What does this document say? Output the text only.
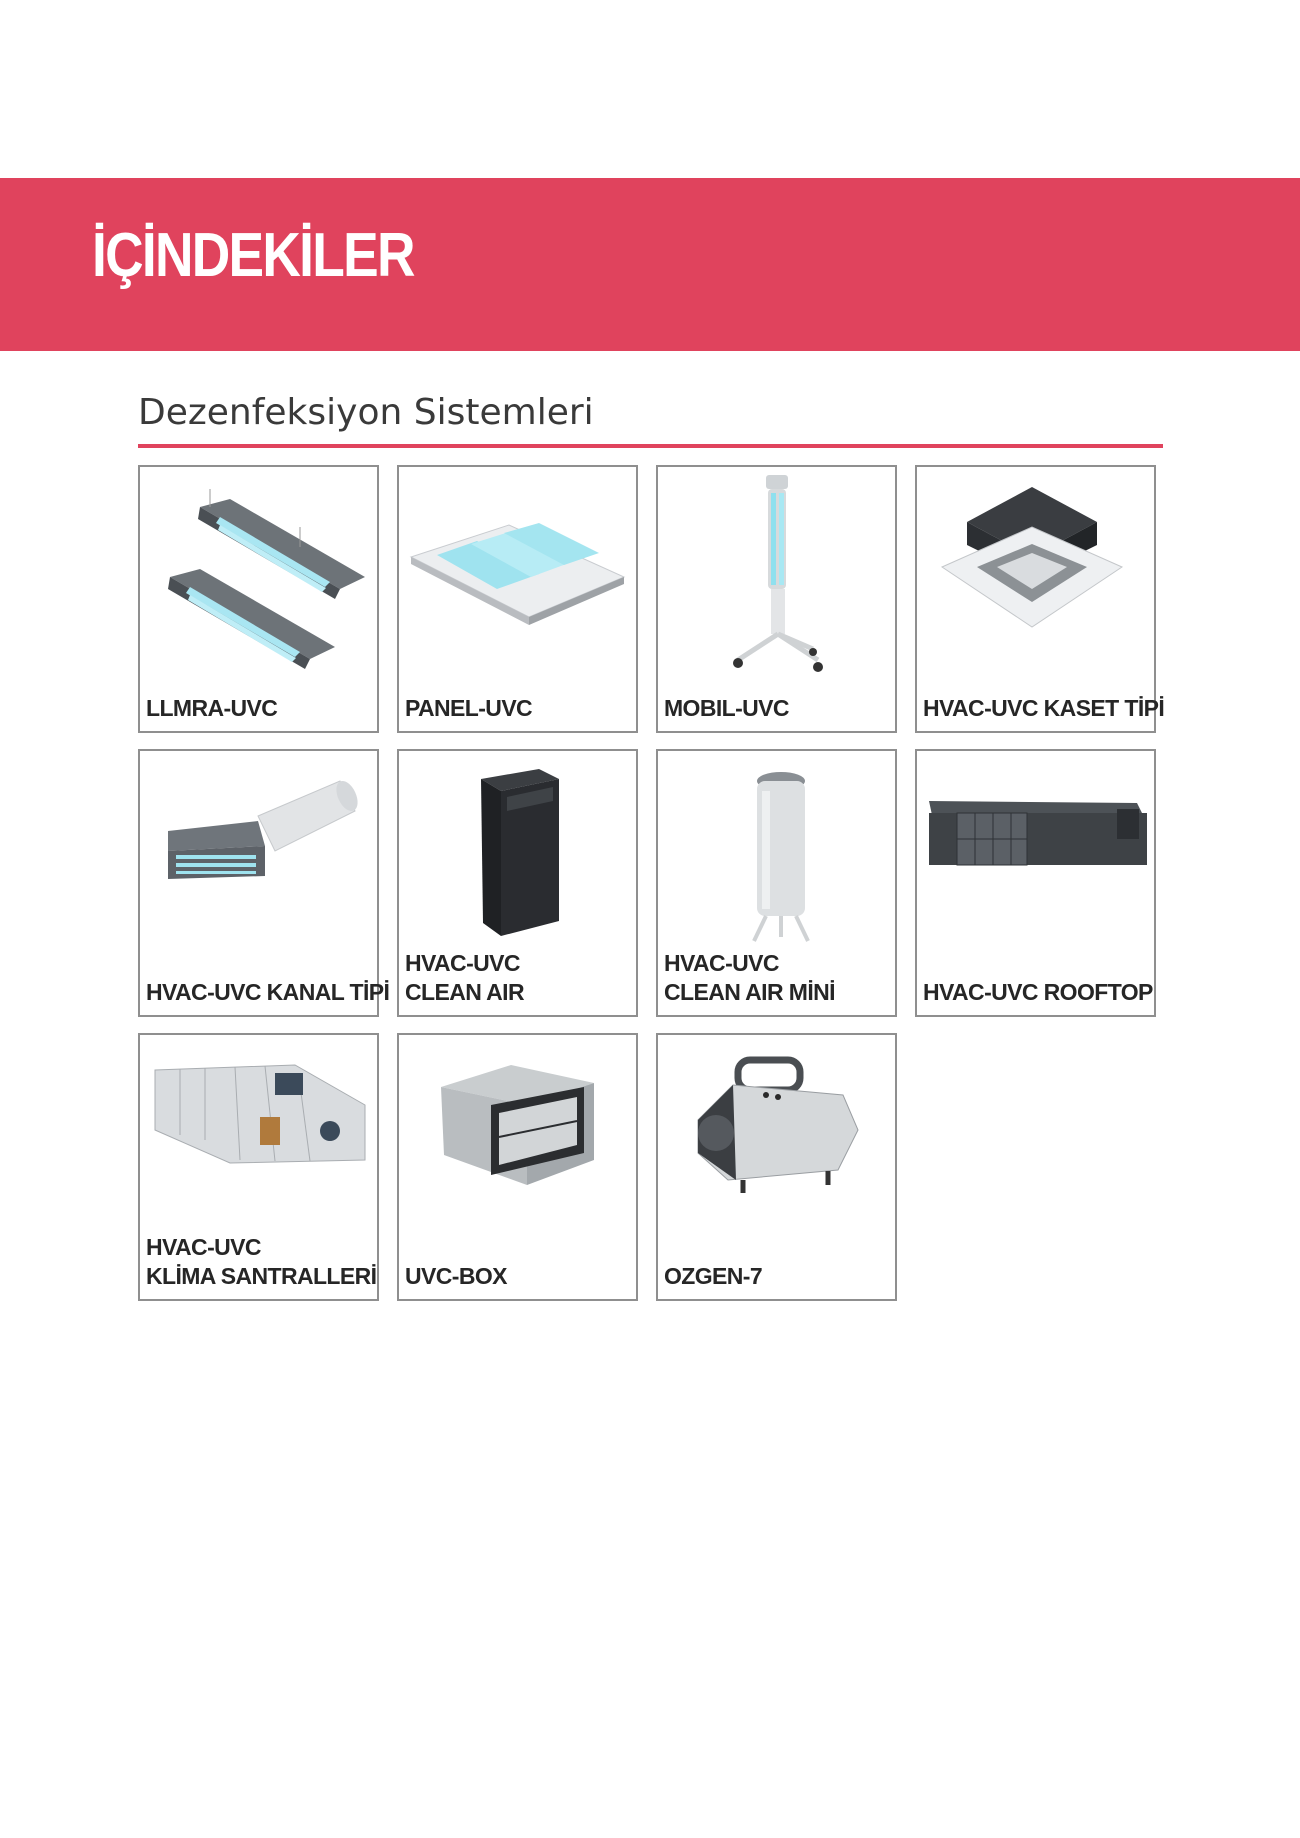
İÇİNDEKİLER
Dezenfeksiyon Sistemleri
LLMRA-UVC	PANEL-UVC	MOBIL-UVC	HVAC-UVC KASET TİPİ
HVAC-UVC KANAL TİPİ
HVAC-UVC
CLEAN AIR
HVAC-UVC
CLEAN AIR MİNİ	HVAC-UVC ROOFTOP
HVAC-UVC
KLİMA SANTRALLERİ UVC-BOX	OZGEN-7
